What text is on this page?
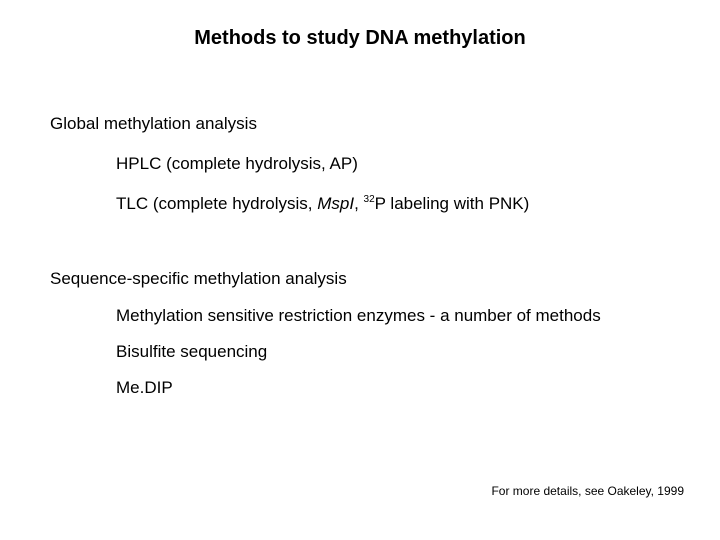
Methods to study DNA methylation
Global methylation analysis
HPLC (complete hydrolysis, AP)
TLC (complete hydrolysis, MspI, $^{32}$P labeling with PNK)
Sequence-specific methylation analysis
Methylation sensitive restriction enzymes - a number of methods
Bisulfite sequencing
Me.DIP
For more details, see Oakeley, 1999
